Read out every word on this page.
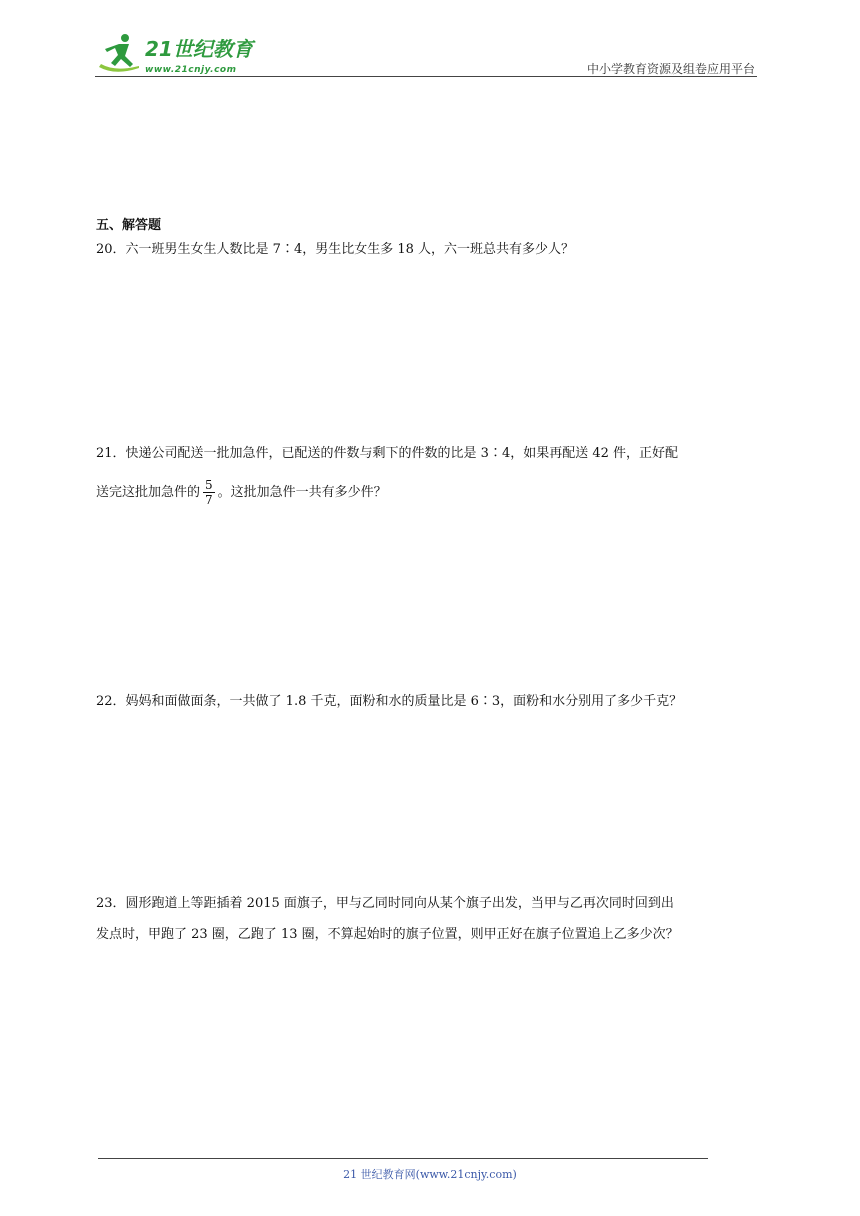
21世纪教育
www.21cnjy.com	中小学教育资源及组卷应用平台
五、解答题
20．六一班男生女生人数比是 7∶4，男生比女生多 18 人，六一班总共有多少人？
21．快递公司配送一批加急件，已配送的件数与剩下的件数的比是 3∶4，如果再配送 42 件，正好配
送完这批加急件的 $\frac{5}{7}$ 。这批加急件一共有多少件？
22．妈妈和面做面条，一共做了 1.8 千克，面粉和水的质量比是 6∶3，面粉和水分别用了多少千克？
23．圆形跑道上等距插着 2015 面旗子，甲与乙同时同向从某个旗子出发，当甲与乙再次同时回到出
发点时，甲跑了 23 圈，乙跑了 13 圈，不算起始时的旗子位置，则甲正好在旗子位置追上乙多少次？
21 世纪教育网(www.21cnjy.com)
